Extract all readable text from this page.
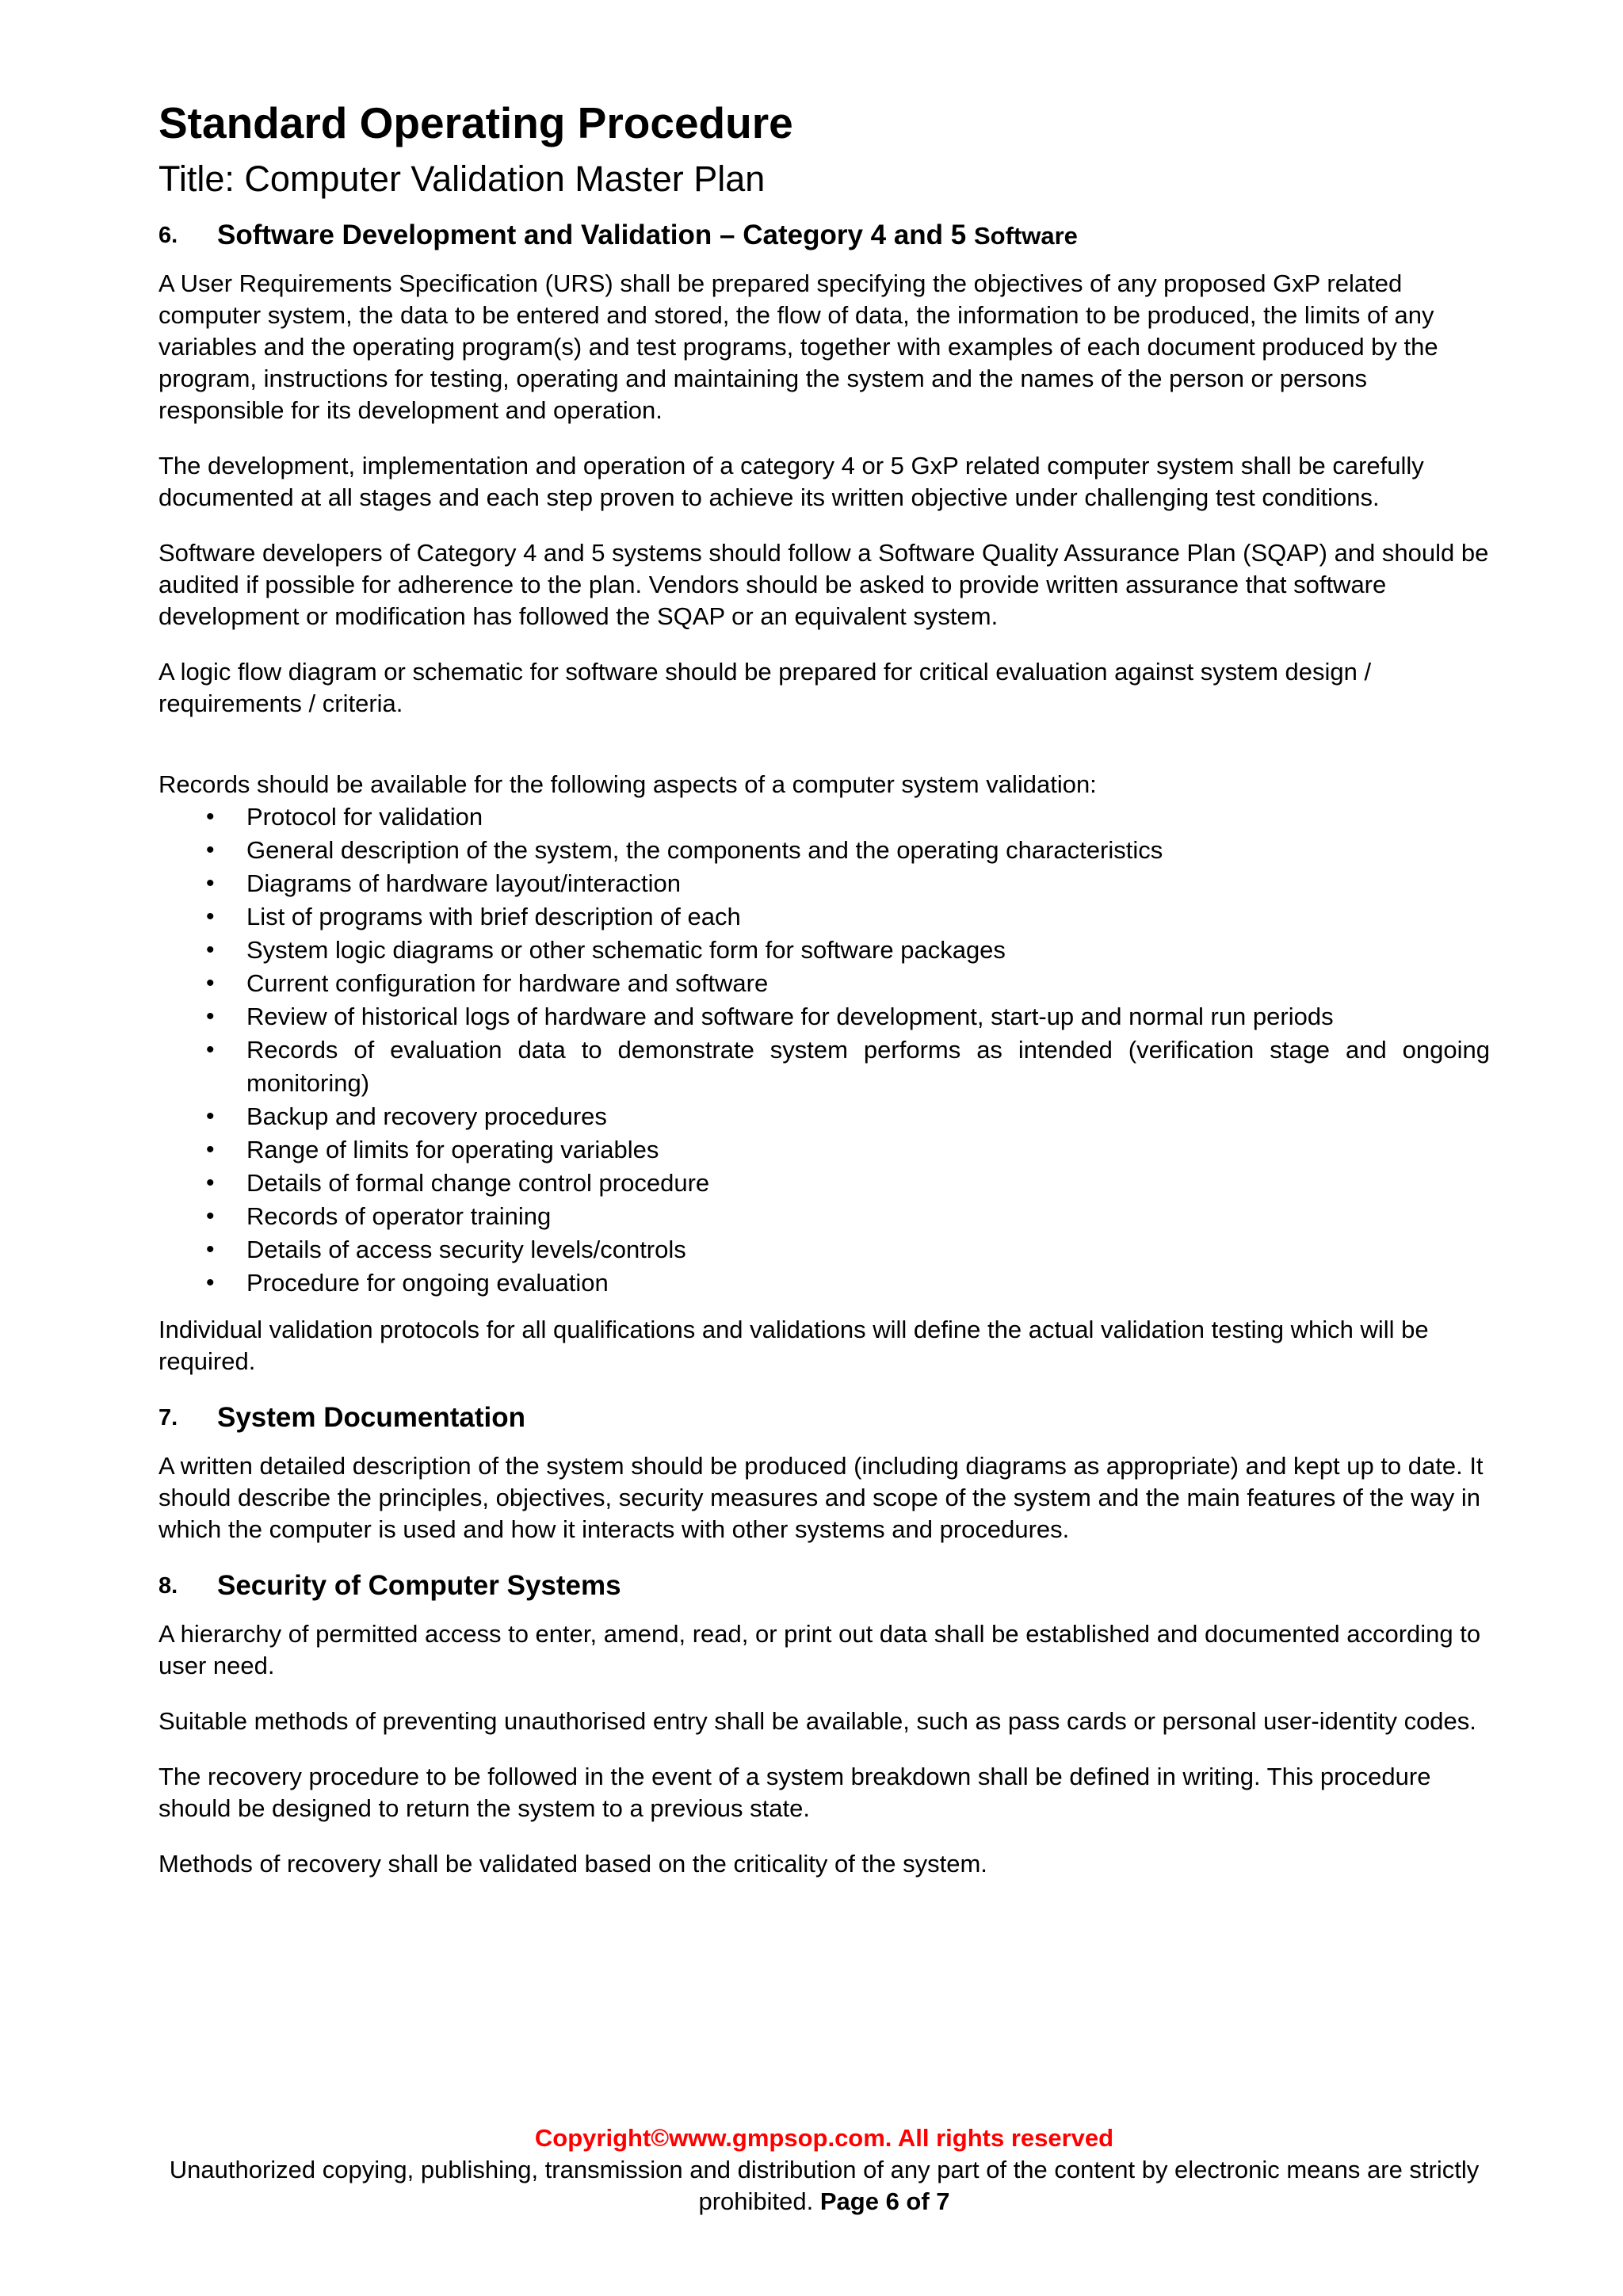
Standard Operating Procedure
Title: Computer Validation Master Plan
6.	Software Development and Validation – Category 4 and 5 Software

A User Requirements Specification (URS) shall be prepared specifying the objectives of any proposed GxP related computer system, the data to be entered and stored, the flow of data, the information to be produced, the limits of any variables and the operating program(s) and test programs, together with examples of each document produced by the program, instructions for testing, operating and maintaining the system and the names of the person or persons responsible for its development and operation.

The development, implementation and operation of a category 4 or 5 GxP related computer system shall be carefully documented at all stages and each step proven to achieve its written objective under challenging test conditions.

Software developers of Category 4 and 5 systems should follow a Software Quality Assurance Plan (SQAP) and should be audited if possible for adherence to the plan. Vendors should be asked to provide written assurance that software development or modification has followed the SQAP or an equivalent system.

A logic flow diagram or schematic for software should be prepared for critical evaluation against system design / requirements / criteria.

Records should be available for the following aspects of a computer system validation:

• Protocol for validation
• General description of the system, the components and the operating characteristics
• Diagrams of hardware layout/interaction
• List of programs with brief description of each
• System logic diagrams or other schematic form for software packages
• Current configuration for hardware and software
• Review of historical logs of hardware and software for development, start-up and normal run periods
• Records of evaluation data to demonstrate system performs as intended (verification stage and ongoing monitoring)
• Backup and recovery procedures
• Range of limits for operating variables
• Details of formal change control procedure
• Records of operator training
• Details of access security levels/controls
• Procedure for ongoing evaluation

Individual validation protocols for all qualifications and validations will define the actual validation testing which will be required.

7.	System Documentation

A written detailed description of the system should be produced (including diagrams as appropriate) and kept up to date. It should describe the principles, objectives, security measures and scope of the system and the main features of the way in which the computer is used and how it interacts with other systems and procedures.

8.	Security of Computer Systems

A hierarchy of permitted access to enter, amend, read, or print out data shall be established and documented according to user need.

Suitable methods of preventing unauthorised entry shall be available, such as pass cards or personal user-identity codes.

The recovery procedure to be followed in the event of a system breakdown shall be defined in writing. This procedure should be designed to return the system to a previous state.

Methods of recovery shall be validated based on the criticality of the system.

Copyright©www.gmpsop.com. All rights reserved
Unauthorized copying, publishing, transmission and distribution of any part of the content by electronic means are strictly prohibited. Page 6 of 7
